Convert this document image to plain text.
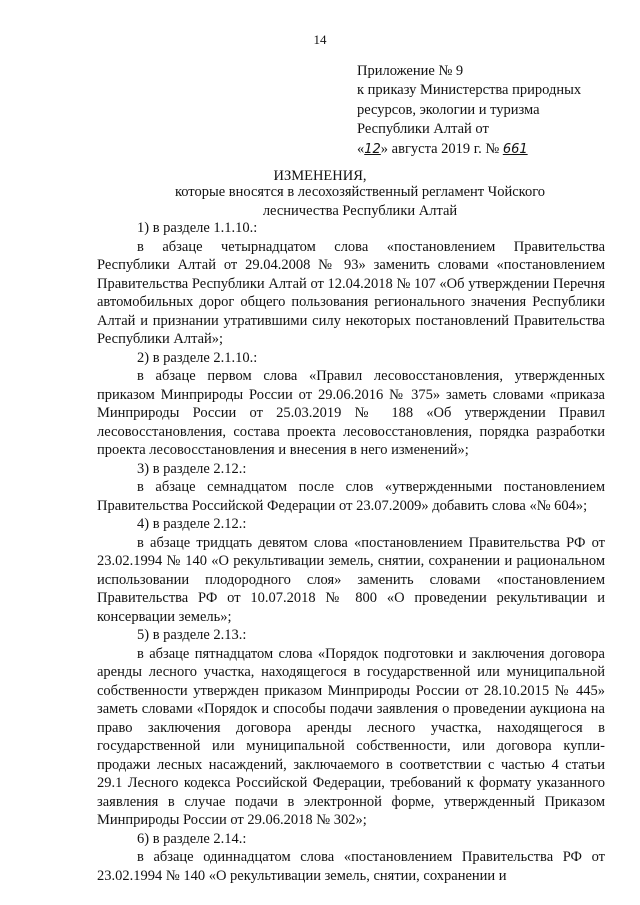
14
Приложение № 9
к приказу Министерства природных
ресурсов, экологии и туризма
Республики Алтай от
«12» августа 2019 г. № 661
ИЗМЕНЕНИЯ,
которые вносятся в лесохозяйственный регламент Чойского лесничества Республики Алтай

1) в разделе 1.1.10.:

в абзаце четырнадцатом слова «постановлением Правительства Республики Алтай от 29.04.2008 № 93» заменить словами «постановлением Правительства Республики Алтай от 12.04.2018 № 107 «Об утверждении Перечня автомобильных дорог общего пользования регионального значения Республики Алтай и признании утратившими силу некоторых постановлений Правительства Республики Алтай»;

2) в разделе 2.1.10.:

в абзаце первом слова «Правил лесовосстановления, утвержденных приказом Минприроды России от 29.06.2016 № 375» заметь словами «приказа Минприроды России от 25.03.2019 № 188 «Об утверждении Правил лесовосстановления, состава проекта лесовосстановления, порядка разработки проекта лесовосстановления и внесения в него изменений»;

3) в разделе 2.12.:

в абзаце семнадцатом после слов «утвержденными постановлением Правительства Российской Федерации от 23.07.2009» добавить слова «№ 604»;

4) в разделе 2.12.:

в абзаце тридцать девятом слова «постановлением Правительства РФ от 23.02.1994 № 140 «О рекультивации земель, снятии, сохранении и рациональном использовании плодородного слоя» заменить словами «постановлением Правительства РФ от 10.07.2018 № 800 «О проведении рекультивации и консервации земель»;

5) в разделе 2.13.:

в абзаце пятнадцатом слова «Порядок подготовки и заключения договора аренды лесного участка, находящегося в государственной или муниципальной собственности утвержден приказом Минприроды России от 28.10.2015 № 445» заметь словами «Порядок и способы подачи заявления о проведении аукциона на право заключения договора аренды лесного участка, находящегося в государственной или муниципальной собственности, или договора купли-продажи лесных насаждений, заключаемого в соответствии с частью 4 статьи 29.1 Лесного кодекса Российской Федерации, требований к формату указанного заявления в случае подачи в электронной форме, утвержденный Приказом Минприроды России от 29.06.2018 № 302»;

6) в разделе 2.14.:

в абзаце одиннадцатом слова «постановлением Правительства РФ от 23.02.1994 № 140 «О рекультивации земель, снятии, сохранении и
